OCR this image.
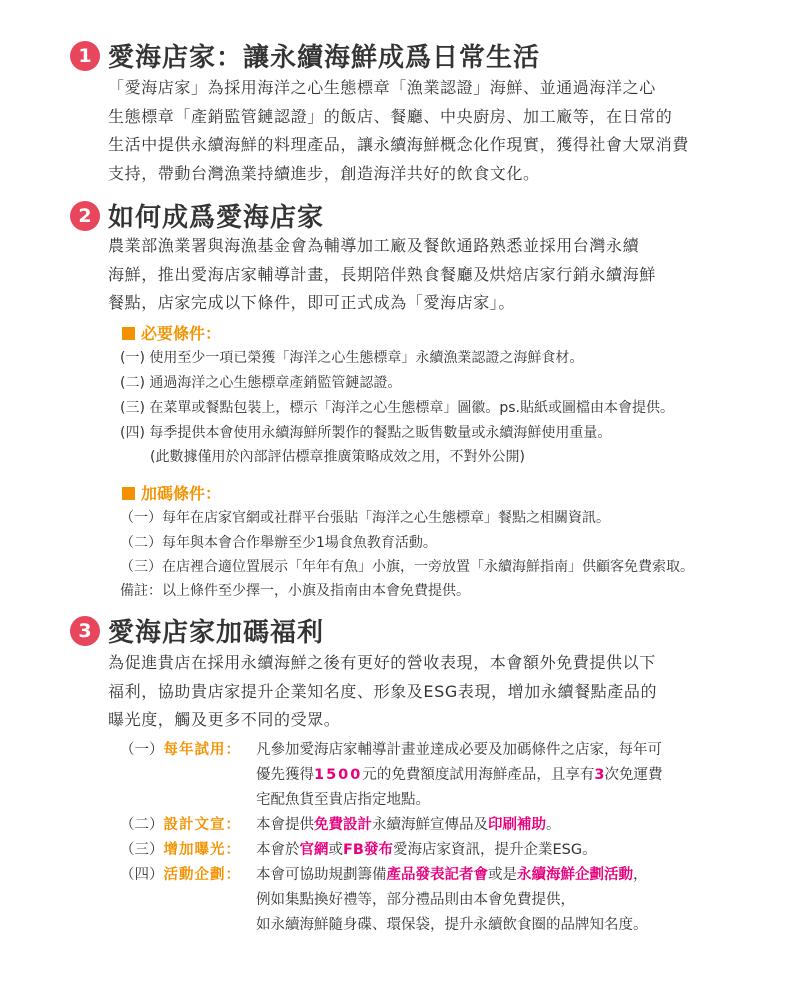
1 愛海店家：讓永續海鮮成爲日常生活
「愛海店家」為採用海洋之心生態標章「漁業認證」海鮮、並通過海洋之心
生態標章「產銷監管鏈認證」的飯店、餐廳、中央廚房、加工廠等，在日常的
生活中提供永續海鮮的料理產品，讓永續海鮮概念化作現實，獲得社會大眾消費
支持，帶動台灣漁業持續進步，創造海洋共好的飲食文化。
2 如何成爲愛海店家
農業部漁業署與海漁基金會為輔導加工廠及餐飲通路熟悉並採用台灣永續
海鮮，推出愛海店家輔導計畫，長期陪伴熟食餐廳及烘焙店家行銷永續海鮮
餐點，店家完成以下條件，即可正式成為「愛海店家」。
必要條件：
(一) 使用至少一項已榮獲「海洋之心生態標章」永續漁業認證之海鮮食材。
(二) 通過海洋之心生態標章產銷監管鏈認證。
(三) 在菜單或餐點包裝上，標示「海洋之心生態標章」圖徽。ps.貼紙或圖檔由本會提供。
(四) 每季提供本會使用永續海鮮所製作的餐點之販售數量或永續海鮮使用重量。
(此數據僅用於內部評估標章推廣策略成效之用，不對外公開)
加碼條件：
（一）每年在店家官網或社群平台張貼「海洋之心生態標章」餐點之相關資訊。
（二）每年與本會合作舉辦至少1場食魚教育活動。
（三）在店裡合適位置展示「年年有魚」小旗，一旁放置「永續海鮮指南」供顧客免費索取。
備註：以上條件至少擇一，小旗及指南由本會免費提供。
3 愛海店家加碼福利
為促進貴店在採用永續海鮮之後有更好的營收表現，本會額外免費提供以下
福利，協助貴店家提升企業知名度、形象及ESG表現，增加永續餐點產品的
曝光度，觸及更多不同的受眾。
（一）每年試用： 凡參加愛海店家輔導計畫並達成必要及加碼條件之店家，每年可
優先獲得1500元的免費額度試用海鮮產品，且享有3次免運費
宅配魚貨至貴店指定地點。
（二）設計文宣： 本會提供免費設計永續海鮮宣傳品及印刷補助。
（三）增加曝光： 本會於官網或FB發布愛海店家資訊，提升企業ESG。
（四）活動企劃： 本會可協助規劃籌備產品發表記者會或是永續海鮮企劃活動，
例如集點換好禮等，部分禮品則由本會免費提供，
如永續海鮮隨身碟、環保袋，提升永續飲食圈的品牌知名度。
